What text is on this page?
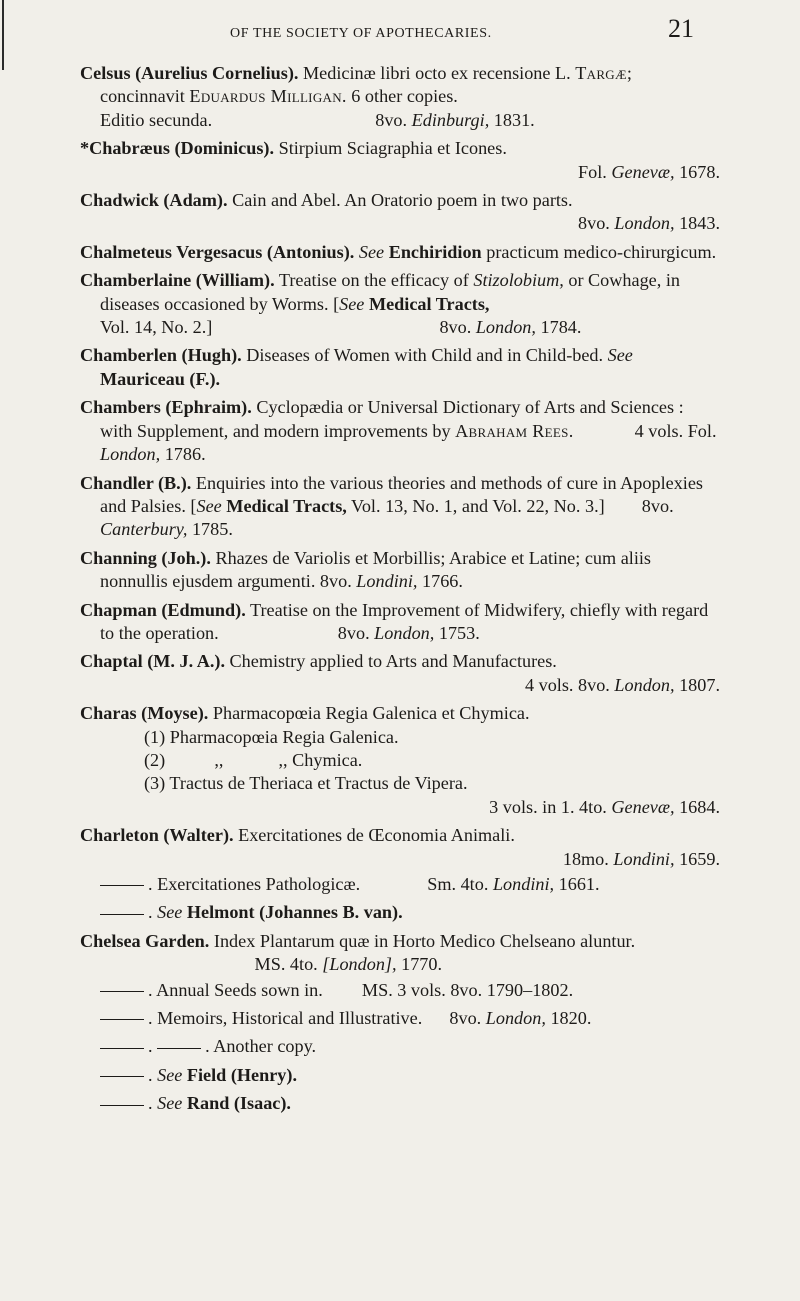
OF THE SOCIETY OF APOTHECARIES.	21
Celsus (Aurelius Cornelius). Medicinæ libri octo ex recensione L. Targæ; concinnavit Eduardus Milligan. 6 other copies.
Editio secunda.	8vo. Edinburgi, 1831.
*Chabræus (Dominicus). Stirpium Sciagraphia et Icones.
Fol. Genevæ, 1678.
Chadwick (Adam). Cain and Abel. An Oratorio poem in two parts.
8vo. London, 1843.
Chalmeteus Vergesacus (Antonius). See Enchiridion practicum medico-chirurgicum.
Chamberlaine (William). Treatise on the efficacy of Stizolobium, or Cowhage, in diseases occasioned by Worms. [See Medical Tracts,
Vol. 14, No. 2.]	8vo. London, 1784.
Chamberlen (Hugh). Diseases of Women with Child and in Child-bed. See Mauriceau (F.).
Chambers (Ephraim). Cyclopædia or Universal Dictionary of Arts and Sciences : with Supplement, and modern improvements by Abraham Rees.	4 vols. Fol. London, 1786.
Chandler (B.). Enquiries into the various theories and methods of cure in Apoplexies and Palsies. [See Medical Tracts, Vol. 13, No. 1, and Vol. 22, No. 3.] 8vo. Canterbury, 1785.
Channing (Joh.). Rhazes de Variolis et Morbillis; Arabice et Latine; cum aliis nonnullis ejusdem argumenti. 8vo. Londini, 1766.
Chapman (Edmund). Treatise on the Improvement of Midwifery, chiefly with regard to the operation.	8vo. London, 1753.
Chaptal (M. J. A.). Chemistry applied to Arts and Manufactures.
4 vols. 8vo. London, 1807.
Charas (Moyse). Pharmacopœia Regia Galenica et Chymica.
(1) Pharmacopœia Regia Galenica.
(2)	,,	,, Chymica.
(3) Tractus de Theriaca et Tractus de Vipera.
3 vols. in 1. 4to. Genevæ, 1684.
Charleton (Walter). Exercitationes de Œconomia Animali.
18mo. Londini, 1659.
. Exercitationes Pathologicæ.	Sm. 4to. Londini, 1661.
. See Helmont (Johannes B. van).
Chelsea Garden. Index Plantarum quæ in Horto Medico Chelseano aluntur.  MS. 4to. [London], 1770.
. Annual Seeds sown in. MS. 3 vols. 8vo. 1790–1802.
. Memoirs, Historical and Illustrative. 8vo. London, 1820.
.	. Another copy.
. See Field (Henry).
. See Rand (Isaac).
